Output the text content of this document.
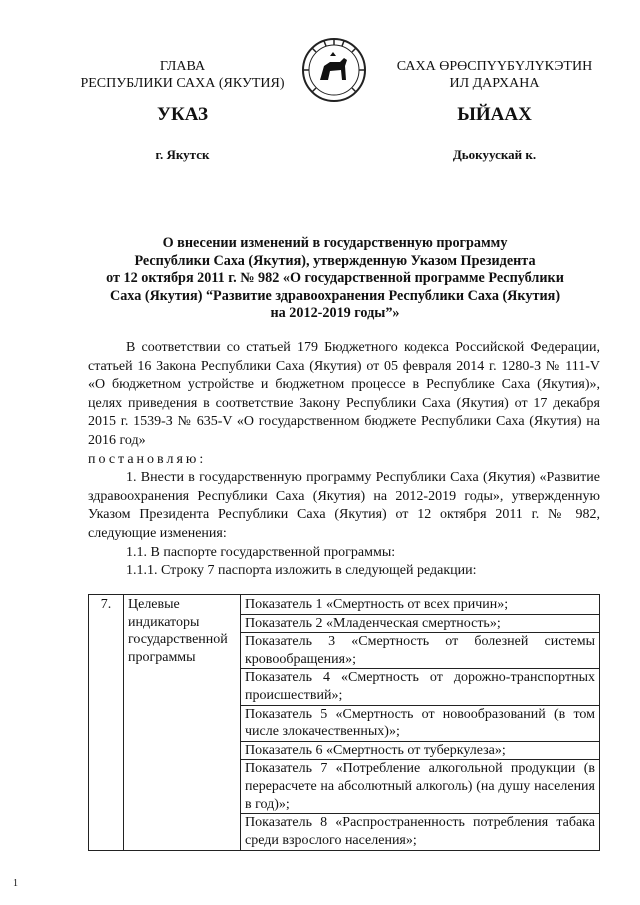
ГЛАВА
РЕСПУБЛИКИ САХА (ЯКУТИЯ)
САХА ӨРӨСПҮҮБҮЛҮКЭТИН
ИЛ ДАРХАНА
УКАЗ	ЫЙААХ
г. Якутск	Дьокуускай к.
О внесении изменений в государственную программу
Республики Саха (Якутия), утвержденную Указом Президента
от 12 октября 2011 г. № 982 «О государственной программе Республики
Саха (Якутия) “Развитие здравоохранения Республики Саха (Якутия)
на 2012-2019 годы”»

В соответствии со статьей 179 Бюджетного кодекса Российской Федерации, статьей 16 Закона Республики Саха (Якутия) от 05 февраля 2014 г. 1280-З № 111-V «О бюджетном устройстве и бюджетном процессе в Республике Саха (Якутия)», целях приведения в соответствие Закону Республики Саха (Якутия) от 17 декабря 2015 г. 1539-З № 635-V «О государственном бюджете Республики Саха (Якутия) на 2016 год»

постановляю:

1. Внести в государственную программу Республики Саха (Якутия) «Развитие здравоохранения Республики Саха (Якутия) на 2012-2019 годы», утвержденную Указом Президента Республики Саха (Якутия) от 12 октября 2011 г. № 982, следующие изменения:

1.1. В паспорте государственной программы:

1.1.1. Строку 7 паспорта изложить в следующей редакции:

7.	Целевые индикаторы государственной программы	
Показатель 1 «Смертность от всех причин»;
Показатель 2 «Младенческая смертность»;
Показатель 3 «Смертность от болезней системы кровообращения»;
Показатель 4 «Смертность от дорожно-транспортных происшествий»;
Показатель 5 «Смертность от новообразований (в том числе злокачественных)»;
Показатель 6 «Смертность от туберкулеза»;
Показатель 7 «Потребление алкогольной продукции (в перерасчете на абсолютный алкоголь) (на душу населения в год)»;
Показатель 8 «Распространенность потребления табака среди взрослого населения»;
1
